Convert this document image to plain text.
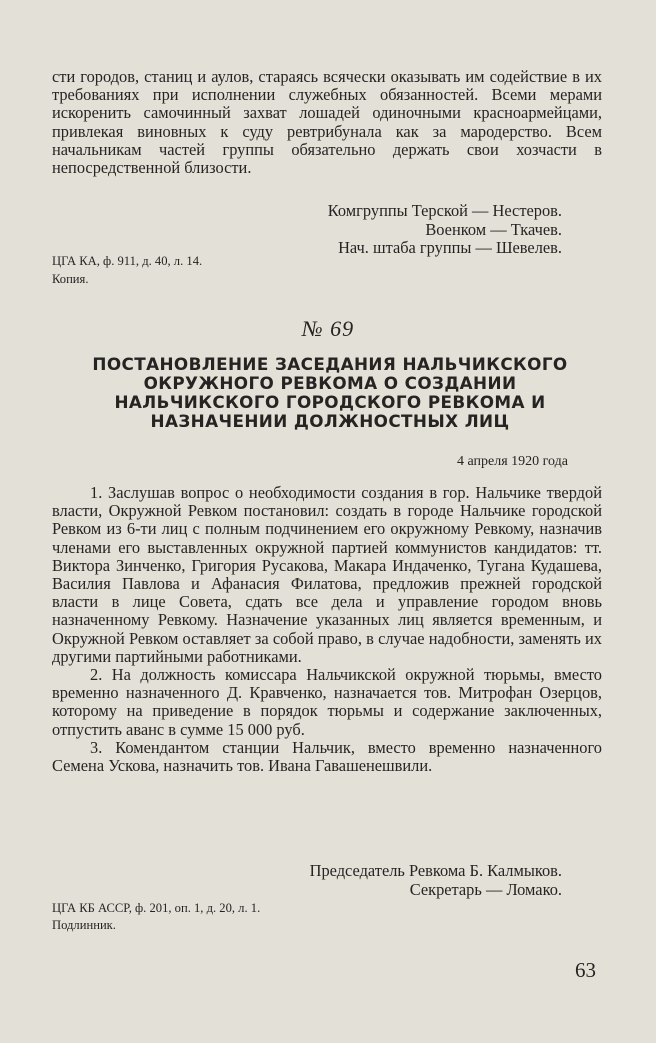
сти городов, станиц и аулов, стараясь всячески оказывать им содействие в их требованиях при исполнении служебных обязанностей. Всеми мерами искоренить самочинный захват лошадей одиночными красноармейцами, привлекая виновных к суду ревтрибунала как за мародерство. Всем начальникам частей группы обязательно держать свои хозчасти в непосредственной близости.

Комгруппы Терской — Нестеров.

Военком — Ткачев.

Нач. штаба группы — Шевелев.

ЦГА КА, ф. 911, д. 40, л. 14.
Копия.
№ 69
ПОСТАНОВЛЕНИЕ ЗАСЕДАНИЯ НАЛЬЧИКСКОГО ОКРУЖНОГО РЕВКОМА О СОЗДАНИИ НАЛЬЧИКСКОГО ГОРОДСКОГО РЕВКОМА И НАЗНАЧЕНИИ ДОЛЖНОСТНЫХ ЛИЦ
4 апреля 1920 года

1. Заслушав вопрос о необходимости создания в гор. Нальчике твердой власти, Окружной Ревком постановил: создать в городе Нальчике городской Ревком из 6-ти лиц с полным подчинением его окружному Ревкому, назначив членами его выставленных окружной партией коммунистов кандидатов: тт. Виктора Зинченко, Григория Русакова, Макара Индаченко, Тугана Кудашева, Василия Павлова и Афанасия Филатова, предложив прежней городской власти в лице Совета, сдать все дела и управление городом вновь назначенному Ревкому. Назначение указанных лиц является временным, и Окружной Ревком оставляет за собой право, в случае надобности, заменять их другими партийными работниками.

2. На должность комиссара Нальчикской окружной тюрьмы, вместо временно назначенного Д. Кравченко, назначается тов. Митрофан Озерцов, которому на приведение в порядок тюрьмы и содержание заключенных, отпустить аванс в сумме 15 000 руб.

3. Комендантом станции Нальчик, вместо временно назначенного Семена Ускова, назначить тов. Ивана Гавашенешвили.

Председатель Ревкома Б. Калмыков.

Секретарь — Ломако.

ЦГА КБ АССР, ф. 201, оп. 1, д. 20, л. 1.
Подлинник.
63
